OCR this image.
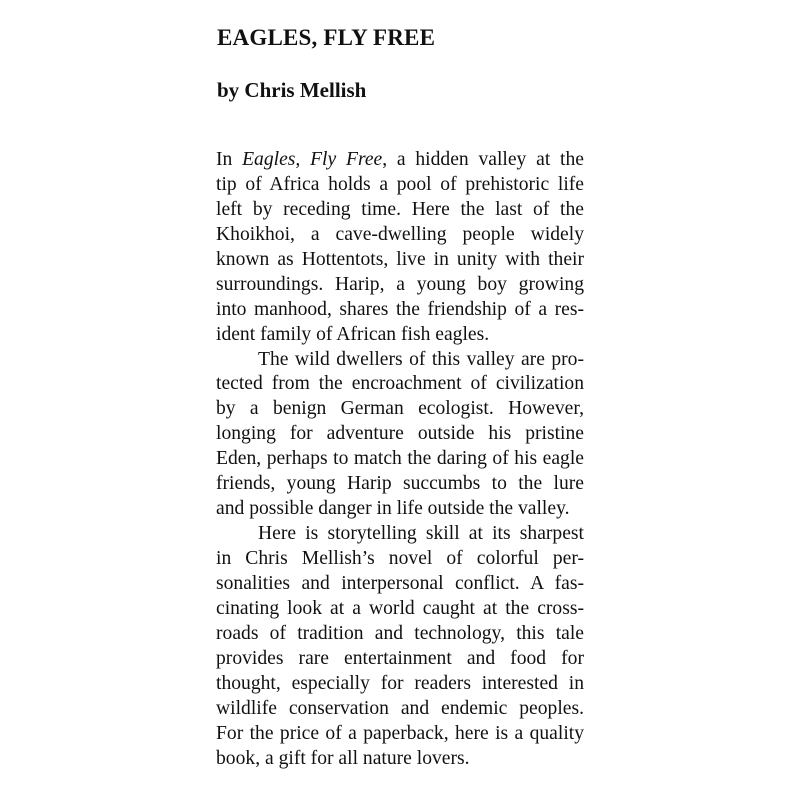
EAGLES, FLY FREE
by Chris Mellish
In Eagles, Fly Free, a hidden valley at the
tip of Africa holds a pool of prehistoric life
left by receding time. Here the last of the
Khoikhoi, a cave-dwelling people widely
known as Hottentots, live in unity with their
surroundings. Harip, a young boy growing
into manhood, shares the friendship of a res-
ident family of African fish eagles.
The wild dwellers of this valley are pro-
tected from the encroachment of civilization
by a benign German ecologist. However,
longing for adventure outside his pristine
Eden, perhaps to match the daring of his eagle
friends, young Harip succumbs to the lure
and possible danger in life outside the valley.
Here is storytelling skill at its sharpest
in Chris Mellish’s novel of colorful per-
sonalities and interpersonal conflict. A fas-
cinating look at a world caught at the cross-
roads of tradition and technology, this tale
provides rare entertainment and food for
thought, especially for readers interested in
wildlife conservation and endemic peoples.
For the price of a paperback, here is a quality
book, a gift for all nature lovers.
